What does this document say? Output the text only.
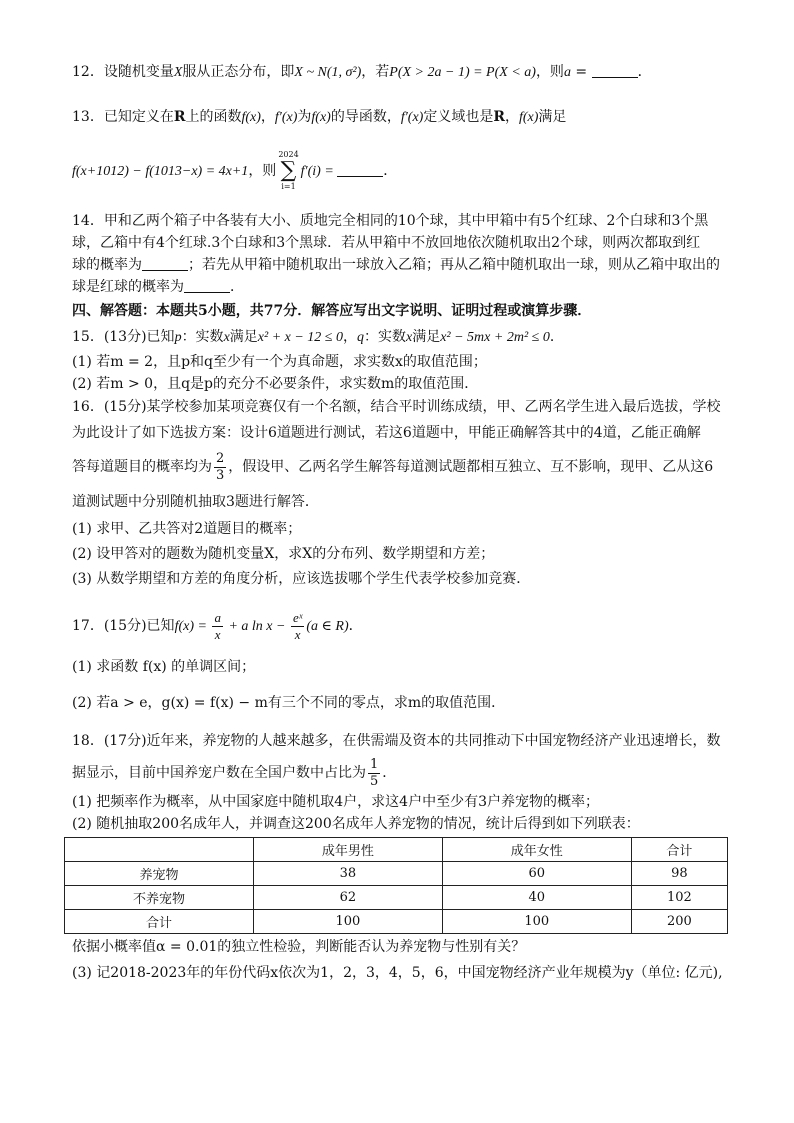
12．设随机变量X服从正态分布，即X ~ N(1, σ²)，若P(X > 2a − 1) = P(X < a)，则a =	．

13．已知定义在R上的函数f(x)，f′(x)为f(x)的导函数，f′(x)定义域也是R，f(x)满足

f(x+1012) − f(1013−x) = 4x+1，则
2024
∑
i=1
f′(i) =	．

14．甲和乙两个箱子中各装有大小、质地完全相同的10个球，其中甲箱中有5个红球、2个白球和3个黑

球，乙箱中有4个红球.3个白球和3个黑球．若从甲箱中不放回地依次随机取出2个球，则两次都取到红

球的概率为	；若先从甲箱中随机取出一球放入乙箱；再从乙箱中随机取出一球，则从乙箱中取出的

球是红球的概率为	．

四、解答题：本题共5小题，共77分．解答应写出文字说明、证明过程或演算步骤．

15．(13分)已知p：实数x满足x² + x − 12 ≤ 0，q：实数x满足x² − 5mx + 2m² ≤ 0．

(1) 若m = 2，且p和q至少有一个为真命题，求实数x的取值范围；

(2) 若m > 0，且q是p的充分不必要条件，求实数m的取值范围．

16．(15分)某学校参加某项竞赛仅有一个名额，结合平时训练成绩，甲、乙两名学生进入最后选拔，学校

为此设计了如下选拔方案：设计6道题进行测试，若这6道题中，甲能正确解答其中的4道，乙能正确解

答每道题目的概率均为 $\frac{2}{3}$ ，假设甲、乙两名学生解答每道测试题都相互独立、互不影响，现甲、乙从这6

道测试题中分别随机抽取3题进行解答．

(1) 求甲、乙共答对2道题目的概率；

(2) 设甲答对的题数为随机变量X，求X的分布列、数学期望和方差；

(3) 从数学期望和方差的角度分析，应该选拔哪个学生代表学校参加竞赛．

17．(15分)已知$f(x) = \frac{a}{x} + a$ $\ln x - \frac{\text{eˣ}}{x} (a$ ∈ R)．

(1) 求函数 f(x) 的单调区间；

(2) 若a > e，g(x) = f(x) − m有三个不同的零点，求m的取值范围．

18．(17分)近年来，养宠物的人越来越多，在供需端及资本的共同推动下中国宠物经济产业迅速增长，数

据显示，目前中国养宠户数在全国户数中占比为 $\frac{1}{5}$ ．

(1) 把频率作为概率，从中国家庭中随机取4户，求这4户中至少有3户养宠物的概率；

(2) 随机抽取200名成年人，并调查这200名成年人养宠物的情况，统计后得到如下列联表：

	成年男性	成年女性	合计
养宠物	38	60	98
不养宠物	62	40	102
合计	100	100	200

依据小概率值α = 0.01的独立性检验，判断能否认为养宠物与性别有关？

(3) 记2018-2023年的年份代码x依次为1，2，3，4，5，6，中国宠物经济产业年规模为y（单位: 亿元),
